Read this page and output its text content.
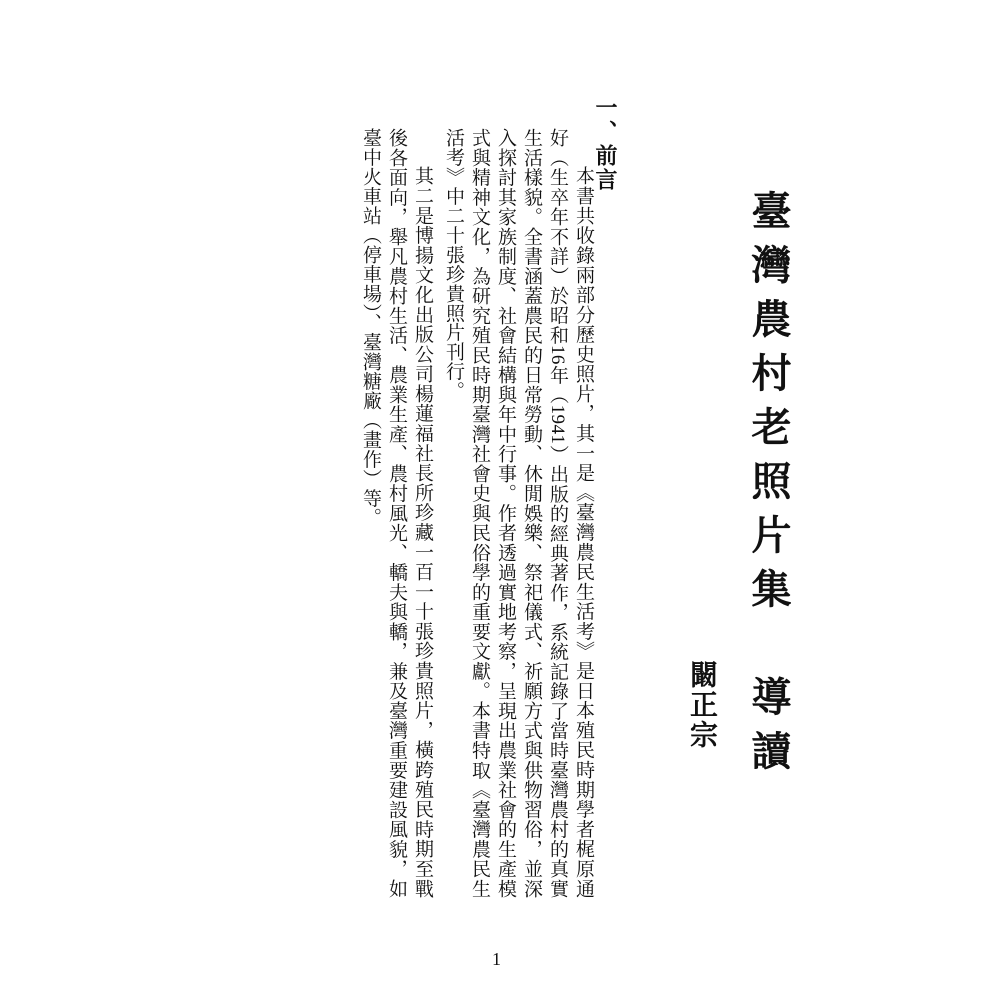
臺灣農村老照片集　導讀
闞正宗
一、前言

本書共收錄兩部分歷史照片，其一是《臺灣農民生活考》是日本殖民時期學者梶原通好（生卒年不詳）於昭和16年（1941）出版的經典著作，系統記錄了當時臺灣農村的真實生活樣貌。全書涵蓋農民的日常勞動、休閒娛樂、祭祀儀式、祈願方式與供物習俗，並深入探討其家族制度、社會結構與年中行事。作者透過實地考察，呈現出農業社會的生產模式與精神文化，為研究殖民時期臺灣社會史與民俗學的重要文獻。本書特取《臺灣農民生活考》中二十張珍貴照片刊行。

其二是博揚文化出版公司楊蓮福社長所珍藏一百一十張珍貴照片，橫跨殖民時期至戰後各面向，舉凡農村生活、農業生產、農村風光、轎夫與轎，兼及臺灣重要建設風貌，如臺中火車站（停車場）、臺灣糖廠（畫作）等。

1
